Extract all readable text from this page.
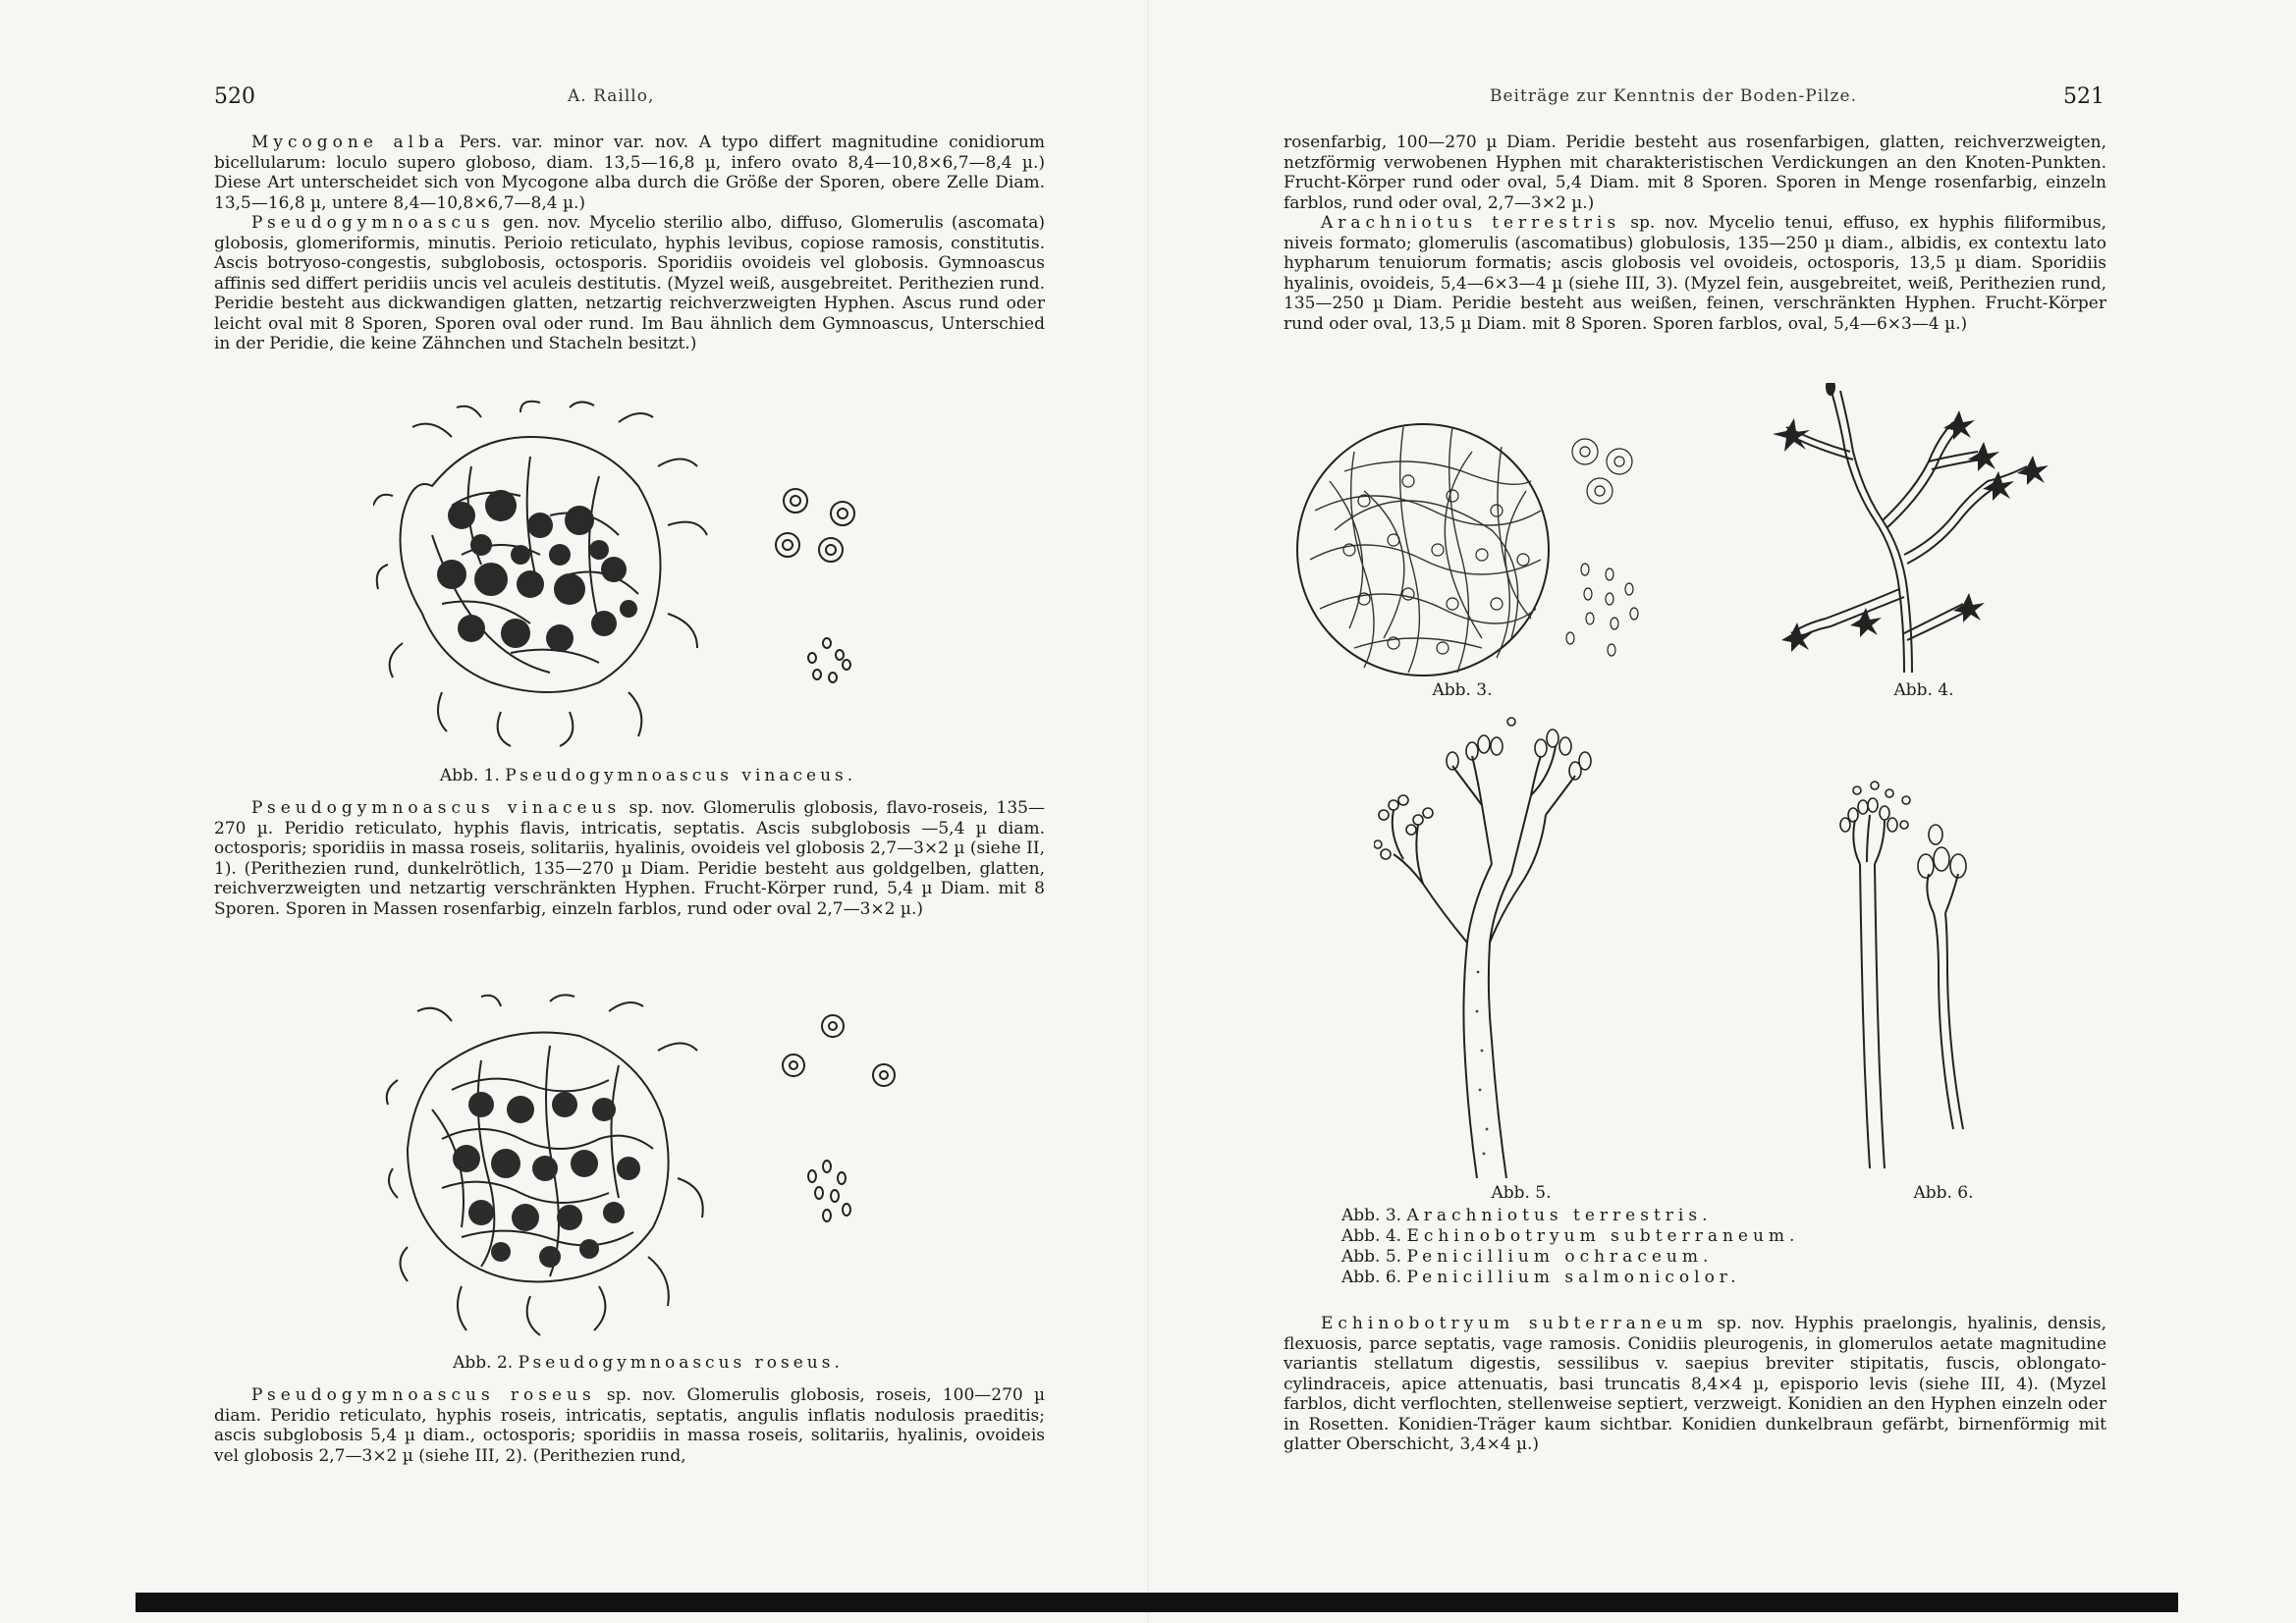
520	A. Raillo,

Mycogone alba Pers. var. minor var. nov. A typo differt magnitudine conidiorum bicellularum: loculo supero globoso, diam. 13,5—16,8 µ, infero ovato 8,4—10,8×6,7—8,4 µ.) Diese Art unterscheidet sich von Mycogone alba durch die Größe der Sporen, obere Zelle Diam. 13,5—16,8 µ, untere 8,4—10,8×6,7—8,4 µ.)

Pseudogymnoascus gen. nov. Mycelio sterilio albo, diffuso, Glomerulis (ascomata) globosis, glomeriformis, minutis. Perioio reticulato, hyphis levibus, copiose ramosis, constitutis. Ascis botryoso-congestis, subglobosis, octosporis. Sporidiis ovoideis vel globosis. Gymnoascus affinis sed differt peridiis uncis vel aculeis destitutis. (Myzel weiß, ausgebreitet. Perithezien rund. Peridie besteht aus dickwandigen glatten, netzartig reichverzweigten Hyphen. Ascus rund oder leicht oval mit 8 Sporen, Sporen oval oder rund. Im Bau ähnlich dem Gymnoascus, Unterschied in der Peridie, die keine Zähnchen und Stacheln besitzt.)

Abb. 1. Pseudogymnoascus vinaceus.

Pseudogymnoascus vinaceus sp. nov. Glomerulis globosis, flavo-roseis, 135—270 µ. Peridio reticulato, hyphis flavis, intricatis, septatis. Ascis subglobosis —5,4 µ diam. octosporis; sporidiis in massa roseis, solitariis, hyalinis, ovoideis vel globosis 2,7—3×2 µ (siehe II, 1). (Perithezien rund, dunkelrötlich, 135—270 µ Diam. Peridie besteht aus goldgelben, glatten, reichverzweigten und netzartig verschränkten Hyphen. Frucht-Körper rund, 5,4 µ Diam. mit 8 Sporen. Sporen in Massen rosenfarbig, einzeln farblos, rund oder oval 2,7—3×2 µ.)

Abb. 2. Pseudogymnoascus roseus.

Pseudogymnoascus roseus sp. nov. Glomerulis globosis, roseis, 100—270 µ diam. Peridio reticulato, hyphis roseis, intricatis, septatis, angulis inflatis nodulosis praeditis; ascis subglobosis 5,4 µ diam., octosporis; sporidiis in massa roseis, solitariis, hyalinis, ovoideis vel globosis 2,7—3×2 µ (siehe III, 2). (Perithezien rund,

Beiträge zur Kenntnis der Boden-Pilze.	521

rosenfarbig, 100—270 µ Diam. Peridie besteht aus rosenfarbigen, glatten, reichverzweigten, netzförmig verwobenen Hyphen mit charakteristischen Verdickungen an den Knoten-Punkten. Frucht-Körper rund oder oval, 5,4 Diam. mit 8 Sporen. Sporen in Menge rosenfarbig, einzeln farblos, rund oder oval, 2,7—3×2 µ.)

Arachniotus terrestris sp. nov. Mycelio tenui, effuso, ex hyphis filiformibus, niveis formato; glomerulis (ascomatibus) globulosis, 135—250 µ diam., albidis, ex contextu lato hypharum tenuiorum formatis; ascis globosis vel ovoideis, octosporis, 13,5 µ diam. Sporidiis hyalinis, ovoideis, 5,4—6×3—4 µ (siehe III, 3). (Myzel fein, ausgebreitet, weiß, Perithezien rund, 135—250 µ Diam. Peridie besteht aus weißen, feinen, verschränkten Hyphen. Frucht-Körper rund oder oval, 13,5 µ Diam. mit 8 Sporen. Sporen farblos, oval, 5,4—6×3—4 µ.)

Abb. 3.	Abb. 4.
Abb. 5.	Abb. 6.
Abb. 3. Arachniotus terrestris.
Abb. 4. Echinobotryum subterraneum.
Abb. 5. Penicillium ochraceum.
Abb. 6. Penicillium salmonicolor.

Echinobotryum subterraneum sp. nov. Hyphis praelongis, hyalinis, densis, flexuosis, parce septatis, vage ramosis. Conidiis pleurogenis, in glomerulos aetate magnitudine variantis stellatum digestis, sessilibus v. saepius breviter stipitatis, fuscis, oblongato-cylindraceis, apice attenuatis, basi truncatis 8,4×4 µ, episporio levis (siehe III, 4). (Myzel farblos, dicht verflochten, stellenweise septiert, verzweigt. Konidien an den Hyphen einzeln oder in Rosetten. Konidien-Träger kaum sichtbar. Konidien dunkelbraun gefärbt, birnenförmig mit glatter Oberschicht, 3,4×4 µ.)
